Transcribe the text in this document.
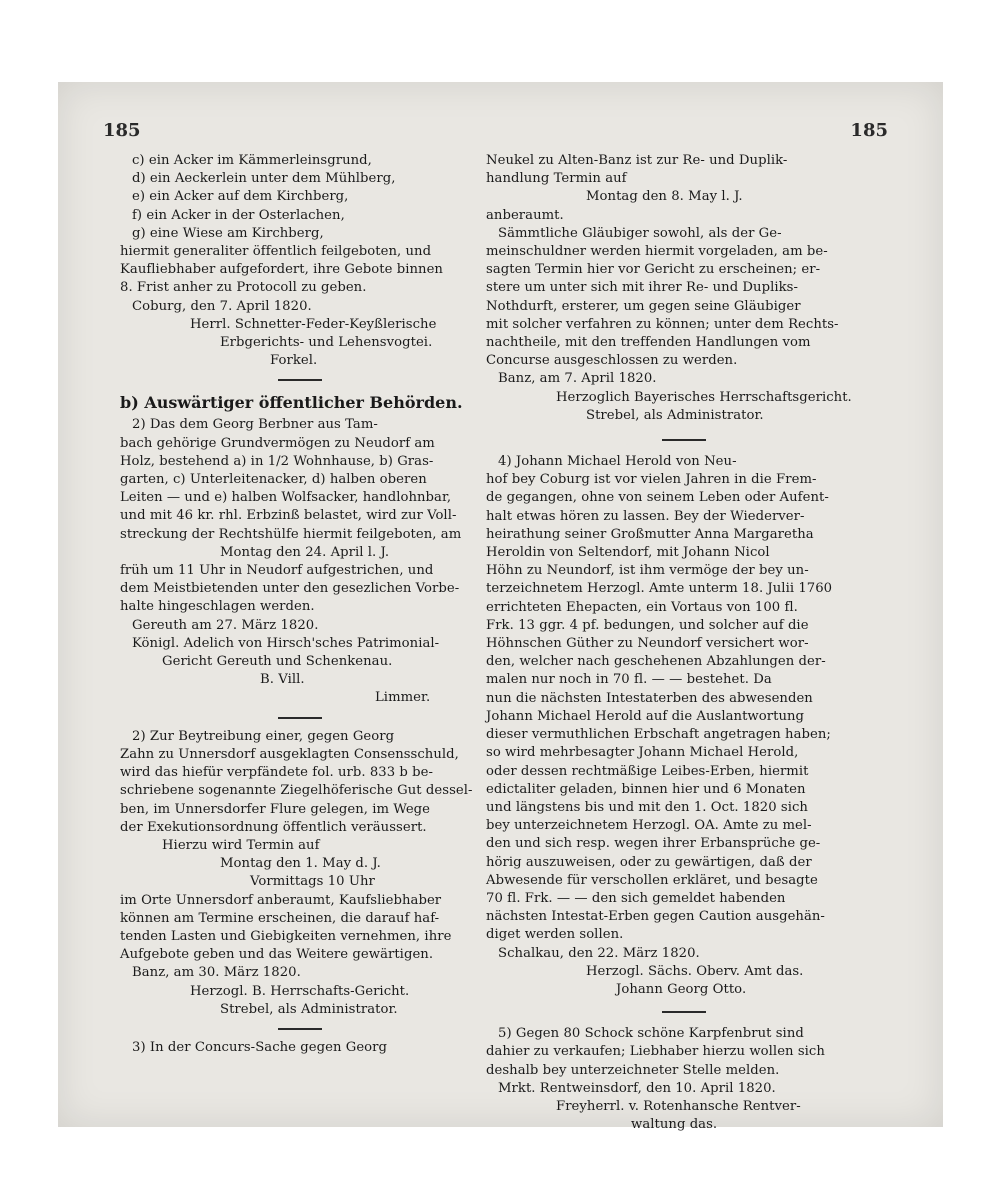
185	185
c) ein Acker im Kämmerleinsgrund,
d) ein Aeckerlein unter dem Mühlberg,
e) ein Acker auf dem Kirchberg,
f) ein Acker in der Osterlachen,
g) eine Wiese am Kirchberg,
hiermit generaliter öffentlich feilgeboten, und
Kaufliebhaber aufgefordert, ihre Gebote binnen
8. Frist anher zu Protocoll zu geben.
Coburg, den 7. April 1820.
Herrl. Schnetter-Feder-Keyßlerische
Erbgerichts- und Lehensvogtei.
Forkel.
b) Auswärtiger öffentlicher Behörden.
2) Das dem Georg Berbner aus Tam-
bach gehörige Grundvermögen zu Neudorf am
Holz, bestehend a) in 1/2 Wohnhause, b) Gras-
garten, c) Unterleitenacker, d) halben oberen
Leiten — und e) halben Wolfsacker, handlohnbar,
und mit 46 kr. rhl. Erbzinß belastet, wird zur Voll-
streckung der Rechtshülfe hiermit feilgeboten, am
Montag den 24. April l. J.
früh um 11 Uhr in Neudorf aufgestrichen, und
dem Meistbietenden unter den gesezlichen Vorbe-
halte hingeschlagen werden.
Gereuth am 27. März 1820.
Königl. Adelich von Hirsch'sches Patrimonial-
Gericht Gereuth und Schenkenau.
B. Vill.
Limmer.
2) Zur Beytreibung einer, gegen Georg
Zahn zu Unnersdorf ausgeklagten Consensschuld,
wird das hiefür verpfändete fol. urb. 833 b be-
schriebene sogenannte Ziegelhöferische Gut dessel-
ben, im Unnersdorfer Flure gelegen, im Wege
der Exekutionsordnung öffentlich veräussert.
Hierzu wird Termin auf
Montag den 1. May d. J.
Vormittags 10 Uhr
im Orte Unnersdorf anberaumt, Kaufsliebhaber
können am Termine erscheinen, die darauf haf-
tenden Lasten und Giebigkeiten vernehmen, ihre
Aufgebote geben und das Weitere gewärtigen.
Banz, am 30. März 1820.
Herzogl. B. Herrschafts-Gericht.
Strebel, als Administrator.
3) In der Concurs-Sache gegen Georg
Neukel zu Alten-Banz ist zur Re- und Duplik-
handlung Termin auf
Montag den 8. May l. J.
anberaumt.
Sämmtliche Gläubiger sowohl, als der Ge-
meinschuldner werden hiermit vorgeladen, am be-
sagten Termin hier vor Gericht zu erscheinen; er-
stere um unter sich mit ihrer Re- und Dupliks-
Nothdurft, ersterer, um gegen seine Gläubiger
mit solcher verfahren zu können; unter dem Rechts-
nachtheile, mit den treffenden Handlungen vom
Concurse ausgeschlossen zu werden.
Banz, am 7. April 1820.
Herzoglich Bayerisches Herrschaftsgericht.
Strebel, als Administrator.
4) Johann Michael Herold von Neu-
hof bey Coburg ist vor vielen Jahren in die Frem-
de gegangen, ohne von seinem Leben oder Aufent-
halt etwas hören zu lassen. Bey der Wiederver-
heirathung seiner Großmutter Anna Margaretha
Heroldin von Seltendorf, mit Johann Nicol
Höhn zu Neundorf, ist ihm vermöge der bey un-
terzeichnetem Herzogl. Amte unterm 18. Julii 1760
errichteten Ehepacten, ein Vortaus von 100 fl.
Frk. 13 ggr. 4 pf. bedungen, und solcher auf die
Höhnschen Güther zu Neundorf versichert wor-
den, welcher nach geschehenen Abzahlungen der-
malen nur noch in 70 fl. — — bestehet. Da
nun die nächsten Intestaterben des abwesenden
Johann Michael Herold auf die Auslantwortung
dieser vermuthlichen Erbschaft angetragen haben;
so wird mehrbesagter Johann Michael Herold,
oder dessen rechtmäßige Leibes-Erben, hiermit
edictaliter geladen, binnen hier und 6 Monaten
und längstens bis und mit den 1. Oct. 1820 sich
bey unterzeichnetem Herzogl. OA. Amte zu mel-
den und sich resp. wegen ihrer Erbansprüche ge-
hörig auszuweisen, oder zu gewärtigen, daß der
Abwesende für verschollen erkläret, und besagte
70 fl. Frk. — — den sich gemeldet habenden
nächsten Intestat-Erben gegen Caution ausgehän-
diget werden sollen.
Schalkau, den 22. März 1820.
Herzogl. Sächs. Oberv. Amt das.
Johann Georg Otto.
5) Gegen 80 Schock schöne Karpfenbrut sind
dahier zu verkaufen; Liebhaber hierzu wollen sich
deshalb bey unterzeichneter Stelle melden.
Mrkt. Rentweinsdorf, den 10. April 1820.
Freyherrl. v. Rotenhansche Rentver-
waltung das.
